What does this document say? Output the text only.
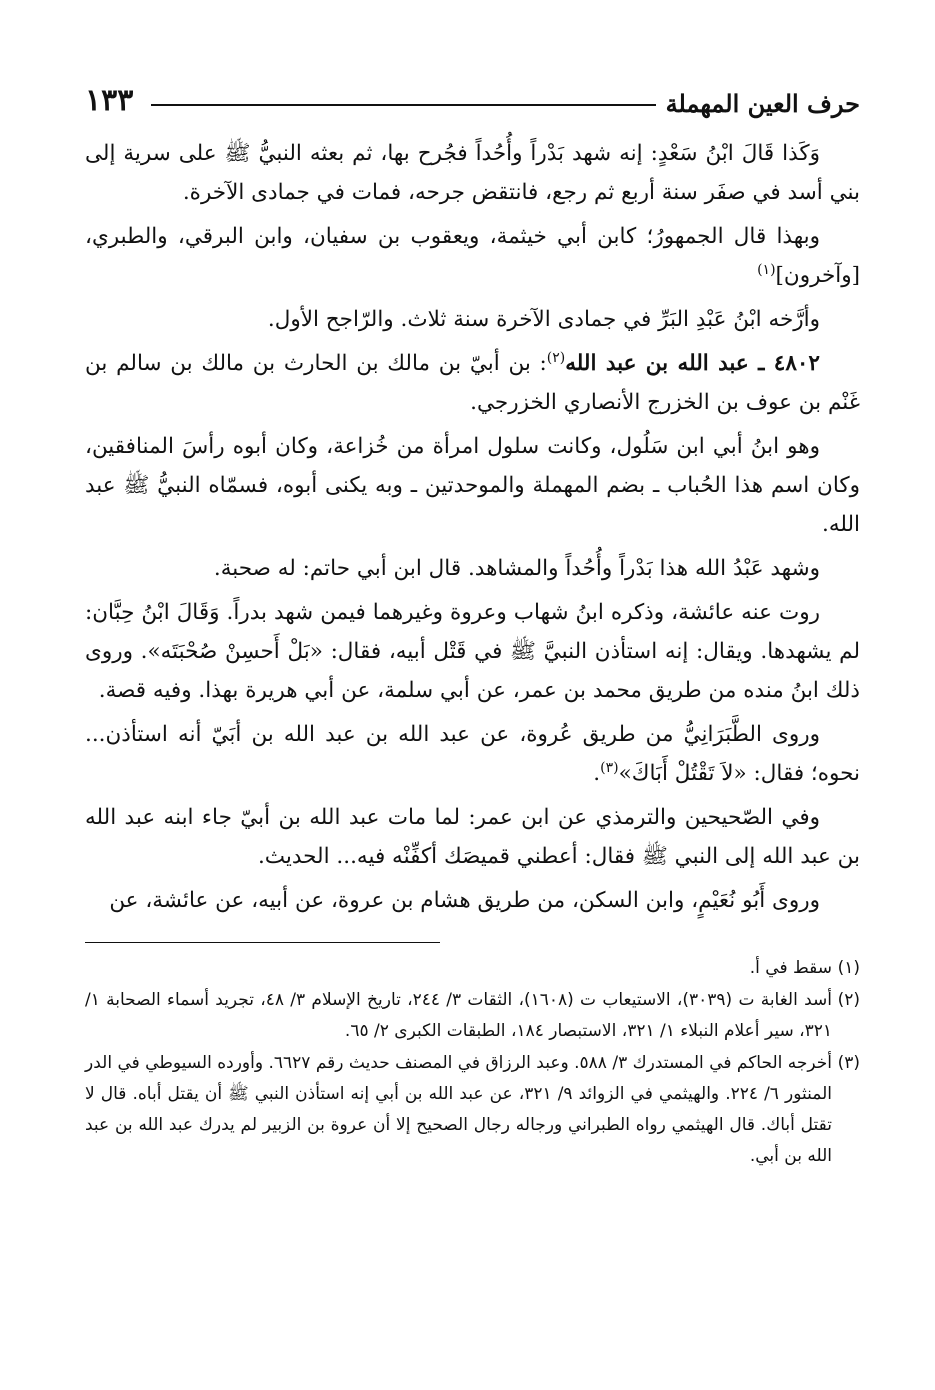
حرف العين المهملة
١٣٣

وَكَذا قَالَ ابْنُ سَعْدٍ: إنه شهد بَدْراً وأُحُداً فجُرح بها، ثم بعثه النبيُّ ﷺ على سرية إلى بني أسد في صفَر سنة أربع ثم رجع، فانتقض جرحه، فمات في جمادى الآخرة.

وبهذا قال الجمهورُ؛ كابن أبي خيثمة، ويعقوب بن سفيان، وابن البرقي، والطبري، [وآخرون]$^{(١)}$

وأرَّخه ابْنُ عَبْدِ البَرِّ في جمادى الآخرة سنة ثلاث. والرّاجح الأول.

٤٨٠٢ ـ عبد الله بن عبد الله$^{(٢)}$: بن أبيّ بن مالك بن الحارث بن مالك بن سالم بن غَنْم بن عوف بن الخزرج الأنصاري الخزرجي.

وهو ابنُ أبي ابن سَلُول، وكانت سلول امرأة من خُزاعة، وكان أبوه رأسَ المنافقين، وكان اسم هذا الحُباب ـ بضم المهملة والموحدتين ـ وبه يكنى أبوه، فسمّاه النبيُّ ﷺ عبد الله.

وشهد عَبْدُ الله هذا بَدْراً وأُحُداً والمشاهد. قال ابن أبي حاتم: له صحبة.

روت عنه عائشة، وذكره ابنُ شهاب وعروة وغيرهما فيمن شهد بدراً. وَقَالَ ابْنُ حِبَّان: لم يشهدها. ويقال: إنه استأذن النبيَّ ﷺ في قَتْل أبيه، فقال: «بَلْ أَحسِنْ صُحْبَتَه». وروى ذلك ابنُ منده من طريق محمد بن عمر، عن أبي سلمة، عن أبي هريرة بهذا. وفيه قصة.

وروى الطَّبَرَانِيُّ من طريق عُروة، عن عبد الله بن عبد الله بن أبَيّ أنه استأذن... نحوه؛ فقال: «لاَ تَقْتُلْ أَبَاكَ»$^{(٣)}$.

وفي الصّحيحين والترمذي عن ابن عمر: لما مات عبد الله بن أبيّ جاء ابنه عبد الله بن عبد الله إلى النبي ﷺ فقال: أعطني قميصَك أكفِّنْه فيه... الحديث.

وروى أَبُو نُعَيْمٍ، وابن السكن، من طريق هشام بن عروة، عن أبيه، عن عائشة، عن

(١)
سقط في أ.
(٢)
أسد الغابة ت (٣٠٣٩)، الاستيعاب ت (١٦٠٨)، الثقات ٣/ ٢٤٤، تاريخ الإسلام ٣/ ٤٨، تجريد أسماء الصحابة ١/ ٣٢١، سير أعلام النبلاء ١/ ٣٢١، الاستبصار ١٨٤، الطبقات الكبرى ٢/ ٦٥.
(٣)
أخرجه الحاكم في المستدرك ٣/ ٥٨٨. وعبد الرزاق في المصنف حديث رقم ٦٦٢٧. وأورده السيوطي في الدر المنثور ٦/ ٢٢٤. والهيثمي في الزوائد ٩/ ٣٢١، عن عبد الله بن أبي إنه استأذن النبي ﷺ أن يقتل أباه. قال لا تقتل أباك. قال الهيثمي رواه الطبراني ورجاله رجال الصحيح إلا أن عروة بن الزبير لم يدرك عبد الله بن عبد الله بن أبي.
